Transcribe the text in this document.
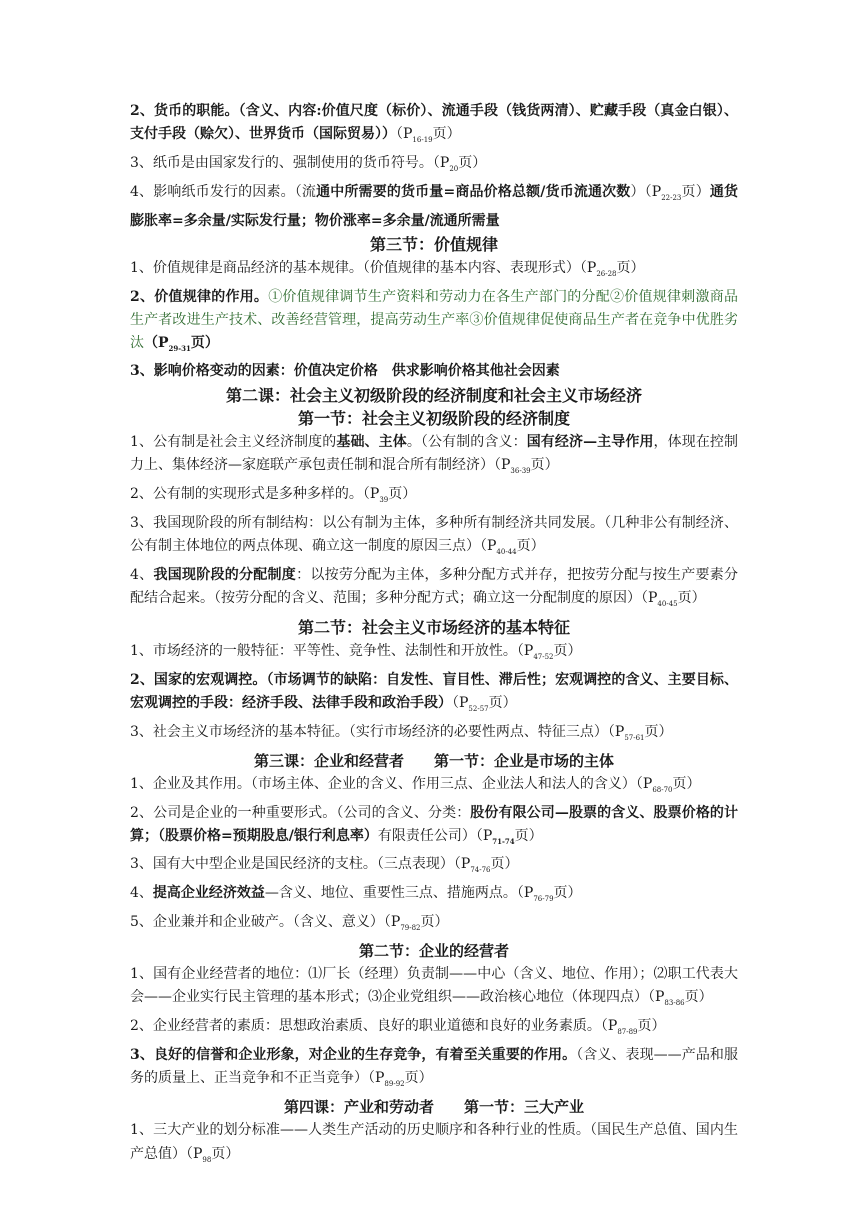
2、货币的职能。（含义、内容:价值尺度（标价）、流通手段（钱货两清）、贮藏手段（真金白银）、支付手段（赊欠）、世界货币（国际贸易））（$P_{16-19}$页）

3、纸币是由国家发行的、强制使用的货币符号。（$P_{20}$页）

4、影响纸币发行的因素。（流通中所需要的货币量=商品价格总额/货币流通次数）（$P_{22-23}$页）通货膨胀率=多余量/实际发行量；物价涨率=多余量/流通所需量

第三节：价值规律

1、价值规律是商品经济的基本规律。（价值规律的基本内容、表现形式）（$P_{26-28}$页）

2、价值规律的作用。①价值规律调节生产资料和劳动力在各生产部门的分配②价值规律刺激商品生产者改进生产技术、改善经营管理，提高劳动生产率③价值规律促使商品生产者在竞争中优胜劣汰（$P_{29-31}$页）

3、影响价格变动的因素：价值决定价格　供求影响价格其他社会因素

第二课：社会主义初级阶段的经济制度和社会主义市场经济

第一节：社会主义初级阶段的经济制度

1、公有制是社会主义经济制度的基础、主体。（公有制的含义：国有经济—主导作用，体现在控制力上、集体经济—家庭联产承包责任制和混合所有制经济）（$P_{36-39}$页）

2、公有制的实现形式是多种多样的。（$P_{39}$页）

3、我国现阶段的所有制结构：以公有制为主体，多种所有制经济共同发展。（几种非公有制经济、公有制主体地位的两点体现、确立这一制度的原因三点）（$P_{40-44}$页）

4、我国现阶段的分配制度：以按劳分配为主体，多种分配方式并存，把按劳分配与按生产要素分配结合起来。（按劳分配的含义、范围；多种分配方式；确立这一分配制度的原因）（$P_{40-45}$页）

第二节：社会主义市场经济的基本特征

1、市场经济的一般特征：平等性、竞争性、法制性和开放性。（$P_{47-52}$页）

2、国家的宏观调控。（市场调节的缺陷：自发性、盲目性、滞后性；宏观调控的含义、主要目标、宏观调控的手段：经济手段、法律手段和政治手段）（$P_{52-57}$页）

3、社会主义市场经济的基本特征。（实行市场经济的必要性两点、特征三点）（$P_{57-61}$页）

第三课：企业和经营者　　第一节：企业是市场的主体

1、企业及其作用。（市场主体、企业的含义、作用三点、企业法人和法人的含义）（$P_{68-70}$页）

2、公司是企业的一种重要形式。（公司的含义、分类：股份有限公司—股票的含义、股票价格的计算；（股票价格=预期股息/银行利息率）有限责任公司）（$P_{71-74}$页）

3、国有大中型企业是国民经济的支柱。（三点表现）（$P_{74-76}$页）

4、提高企业经济效益—含义、地位、重要性三点、措施两点。（$P_{76-79}$页）

5、企业兼并和企业破产。（含义、意义）（$P_{79-82}$页）

第二节：企业的经营者

1、国有企业经营者的地位：⑴厂长（经理）负责制——中心（含义、地位、作用）；⑵职工代表大会——企业实行民主管理的基本形式；⑶企业党组织——政治核心地位（体现四点）（$P_{83-86}$页）

2、企业经营者的素质：思想政治素质、良好的职业道德和良好的业务素质。（$P_{87-89}$页）

3、良好的信誉和企业形象，对企业的生存竞争，有着至关重要的作用。（含义、表现——产品和服务的质量上、正当竞争和不正当竞争）（$P_{89-92}$页）

第四课：产业和劳动者　　第一节：三大产业

1、三大产业的划分标准——人类生产活动的历史顺序和各种行业的性质。（国民生产总值、国内生产总值）（$P_{98}$页）
